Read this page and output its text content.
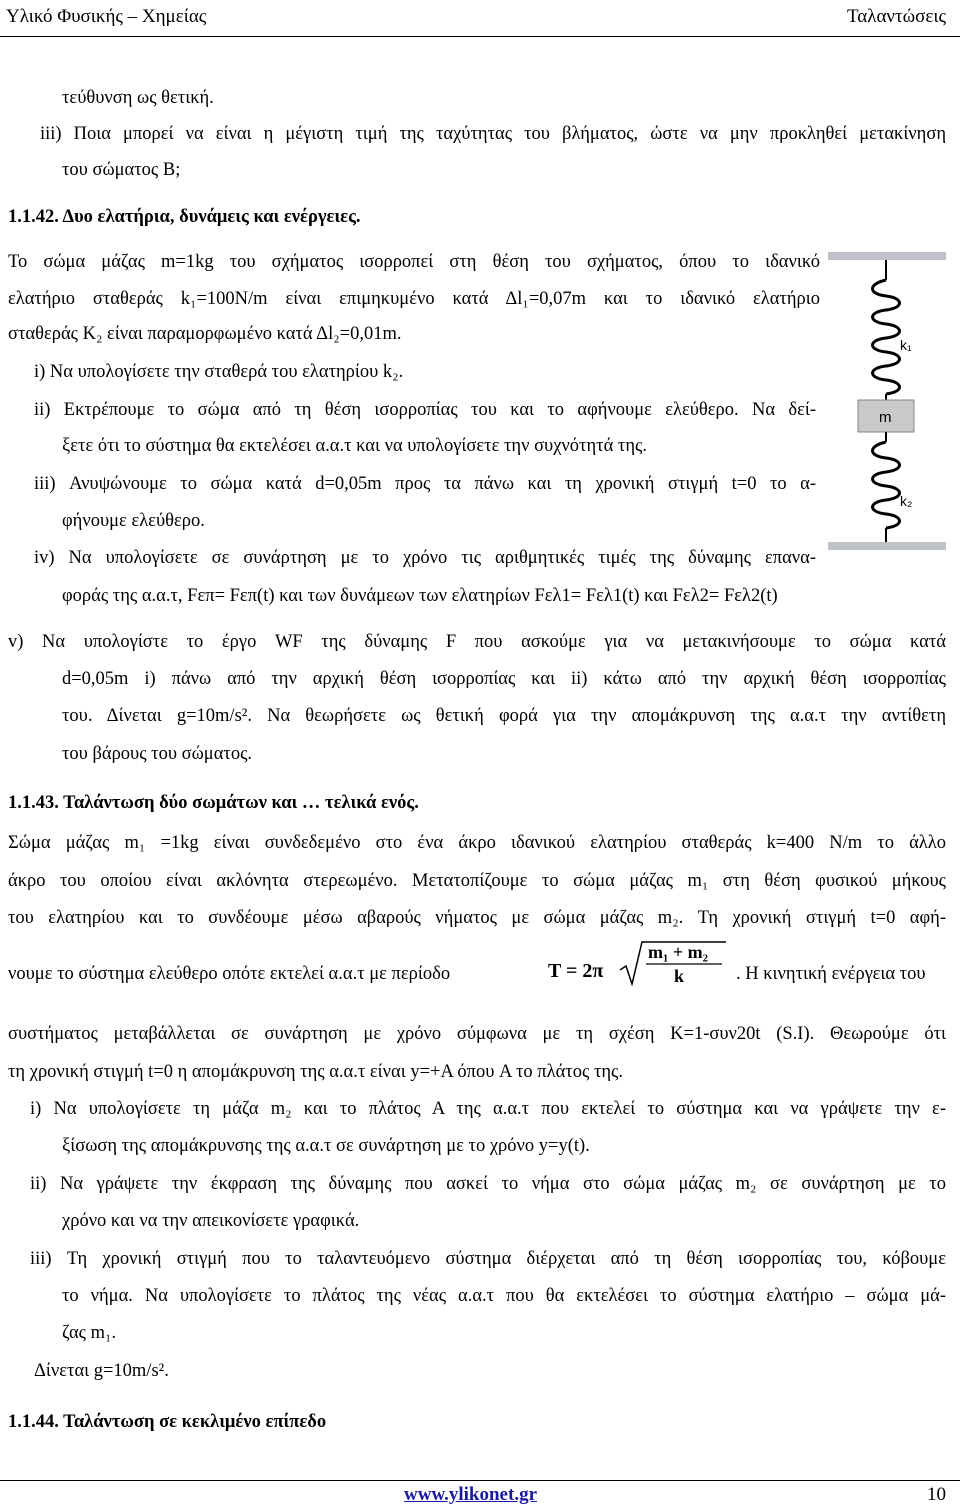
Υλικό Φυσικής – Χημείας	Ταλαντώσεις
τεύθυνση ως θετική.
iii) Ποια μπορεί να είναι η μέγιστη τιμή της ταχύτητας του βλήματος, ώστε να μην προκληθεί μετακίνηση
του σώματος Β;
1.1.42. Δυο ελατήρια, δυνάμεις και ενέργειες.
Το σώμα μάζας m=1kg του σχήματος ισορροπεί στη θέση του σχήματος, όπου το ιδανικό
ελατήριο σταθεράς k₁=100N/m είναι επιμηκυμένο κατά Δl₁=0,07m και το ιδανικό ελατήριο
σταθεράς Κ₂ είναι παραμορφωμένο κατά Δl₂=0,01m.
i) Να υπολογίσετε την σταθερά του ελατηρίου k₂.
ii) Εκτρέπουμε το σώμα από τη θέση ισορροπίας του και το αφήνουμε ελεύθερο. Να δεί-
ξετε ότι το σύστημα θα εκτελέσει α.α.τ και να υπολογίσετε την συχνότητά της.
iii) Ανυψώνουμε το σώμα κατά d=0,05m προς τα πάνω και τη χρονική στιγμή t=0 το α-
φήνουμε ελεύθερο.
iv) Να υπολογίσετε σε συνάρτηση με το χρόνο τις αριθμητικές τιμές της δύναμης επανα-
φοράς της α.α.τ, Fεπ= Fεπ(t) και των δυνάμεων των ελατηρίων Fελ1= Fελ1(t) και Fελ2= Fελ2(t)
v) Να υπολογίστε το έργο WF της δύναμης F που ασκούμε για να μετακινήσουμε το σώμα κατά
d=0,05m i) πάνω από την αρχική θέση ισορροπίας και ii) κάτω από την αρχική θέση ισορροπίας
του. Δίνεται g=10m/s². Να θεωρήσετε ως θετική φορά για την απομάκρυνση της α.α.τ την αντίθετη
του βάρους του σώματος.
k₁
m
k₂
1.1.43. Ταλάντωση δύο σωμάτων και … τελικά ενός.
Σώμα μάζας m₁ =1kg είναι συνδεδεμένο στο ένα άκρο ιδανικού ελατηρίου σταθεράς k=400 N/m το άλλο
άκρο του οποίου είναι ακλόνητα στερεωμένο. Μετατοπίζουμε το σώμα μάζας m₁ στη θέση φυσικού μήκους
του ελατηρίου και το συνδέουμε μέσω αβαρούς νήματος με σώμα μάζας m₂. Τη χρονική στιγμή t=0 αφή-
νουμε το σύστημα ελεύθερο οπότε εκτελεί α.α.τ με περίοδο	T = 2π
m₁ + m₂
k	. Η κινητική ενέργεια του
συστήματος μεταβάλλεται σε συνάρτηση με χρόνο σύμφωνα με τη σχέση K=1-συν20t (S.I). Θεωρούμε ότι
τη χρονική στιγμή t=0 η απομάκρυνση της α.α.τ είναι y=+A όπου A το πλάτος της.
i) Να υπολογίσετε τη μάζα m₂ και το πλάτος Α της α.α.τ που εκτελεί το σύστημα και να γράψετε την ε-
ξίσωση της απομάκρυνσης της α.α.τ σε συνάρτηση με το χρόνο y=y(t).
ii) Να γράψετε την έκφραση της δύναμης που ασκεί το νήμα στο σώμα μάζας m₂ σε συνάρτηση με το
χρόνο και να την απεικονίσετε γραφικά.
iii) Τη χρονική στιγμή που το ταλαντευόμενο σύστημα διέρχεται από τη θέση ισορροπίας του, κόβουμε
το νήμα. Να υπολογίσετε το πλάτος της νέας α.α.τ που θα εκτελέσει το σύστημα ελατήριο – σώμα μά-
ζας m₁.
Δίνεται g=10m/s².
1.1.44. Ταλάντωση σε κεκλιμένο επίπεδο
www.ylikonet.gr	10
